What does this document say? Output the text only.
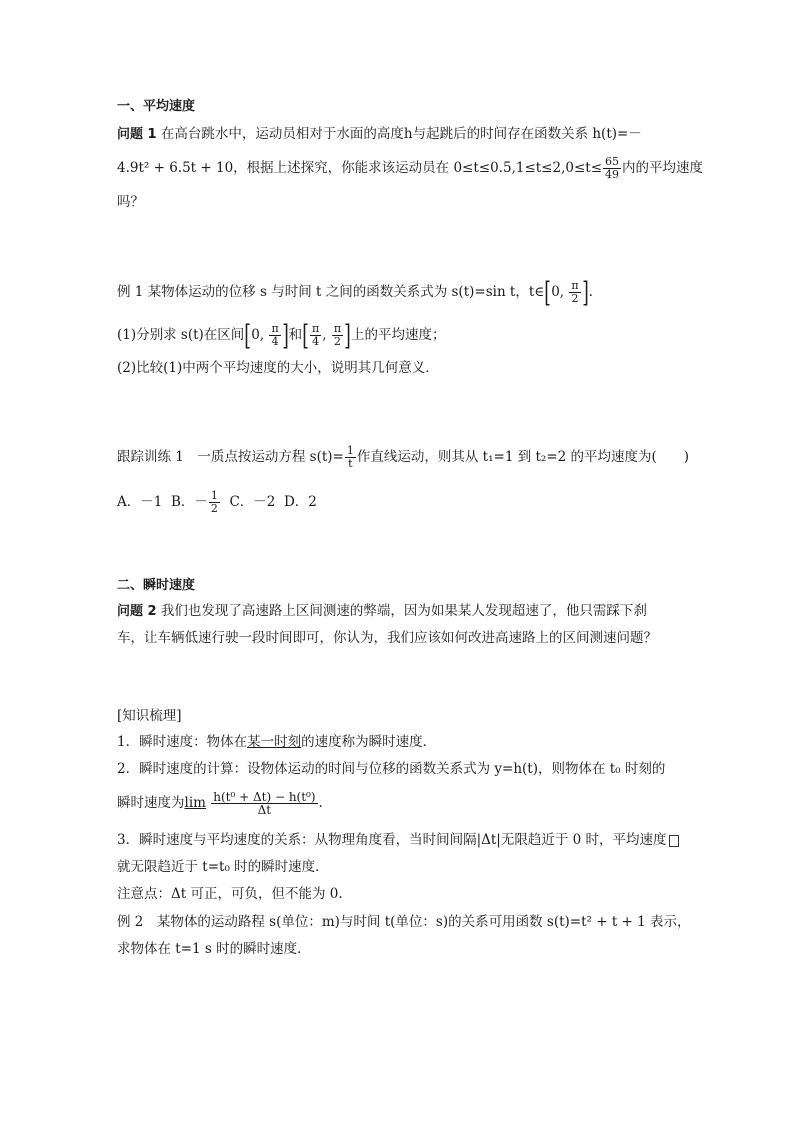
一、平均速度
问题 1 在高台跳水中，运动员相对于水面的高度h与起跳后的时间存在函数关系 h(t)=－
4.9t² + 6.5t + 10，根据上述探究，你能求该运动员在 $0\le t\le 0.5,1\le t\le 2,0\le t\le \frac{65}{49}$ 内的平均速度
吗？
例 1 某物体运动的位移 s 与时间 t 之间的函数关系式为 s(t)=sin t，t∈[0, $\frac{\pi}{2}$ ].
(1)分别求 s(t)在区间[0, $\frac{\pi}{4}$ ]和[ $\frac{\pi}{4}$ , $\frac{\pi}{2}$ ]上的平均速度；
(2)比较(1)中两个平均速度的大小，说明其几何意义．
跟踪训练 1　一质点按运动方程 $s(t)= \frac{1}{t}$ 作直线运动，则其从 t₁=1 到 t₂=2 的平均速度为(　　)
A．－1 B．－ $\frac{1}{2}$ C．－2 D．2
二、瞬时速度
问题 2 我们也发现了高速路上区间测速的弊端，因为如果某人发现超速了，他只需踩下刹
车，让车辆低速行驶一段时间即可，你认为，我们应该如何改进高速路上的区间测速问题？
[知识梳理]
1．瞬时速度：物体在某一时刻的速度称为瞬时速度．
2．瞬时速度的计算：设物体运动的时间与位移的函数关系式为 y=h(t)，则物体在 t₀ 时刻的
瞬时速度为$\lim \frac{\text{h(t⁰ + Δt) − h(t⁰)}}{\Delta t}$ .
3．瞬时速度与平均速度的关系：从物理角度看，当时间间隔|Δt|无限趋近于 0 时，平均速度
就无限趋近于 t=t₀ 时的瞬时速度．
注意点：Δt 可正，可负，但不能为 0.
例 2　某物体的运动路程 s(单位：m)与时间 t(单位：s)的关系可用函数 s(t)=t² + t + 1 表示，
求物体在 t=1 s 时的瞬时速度．
